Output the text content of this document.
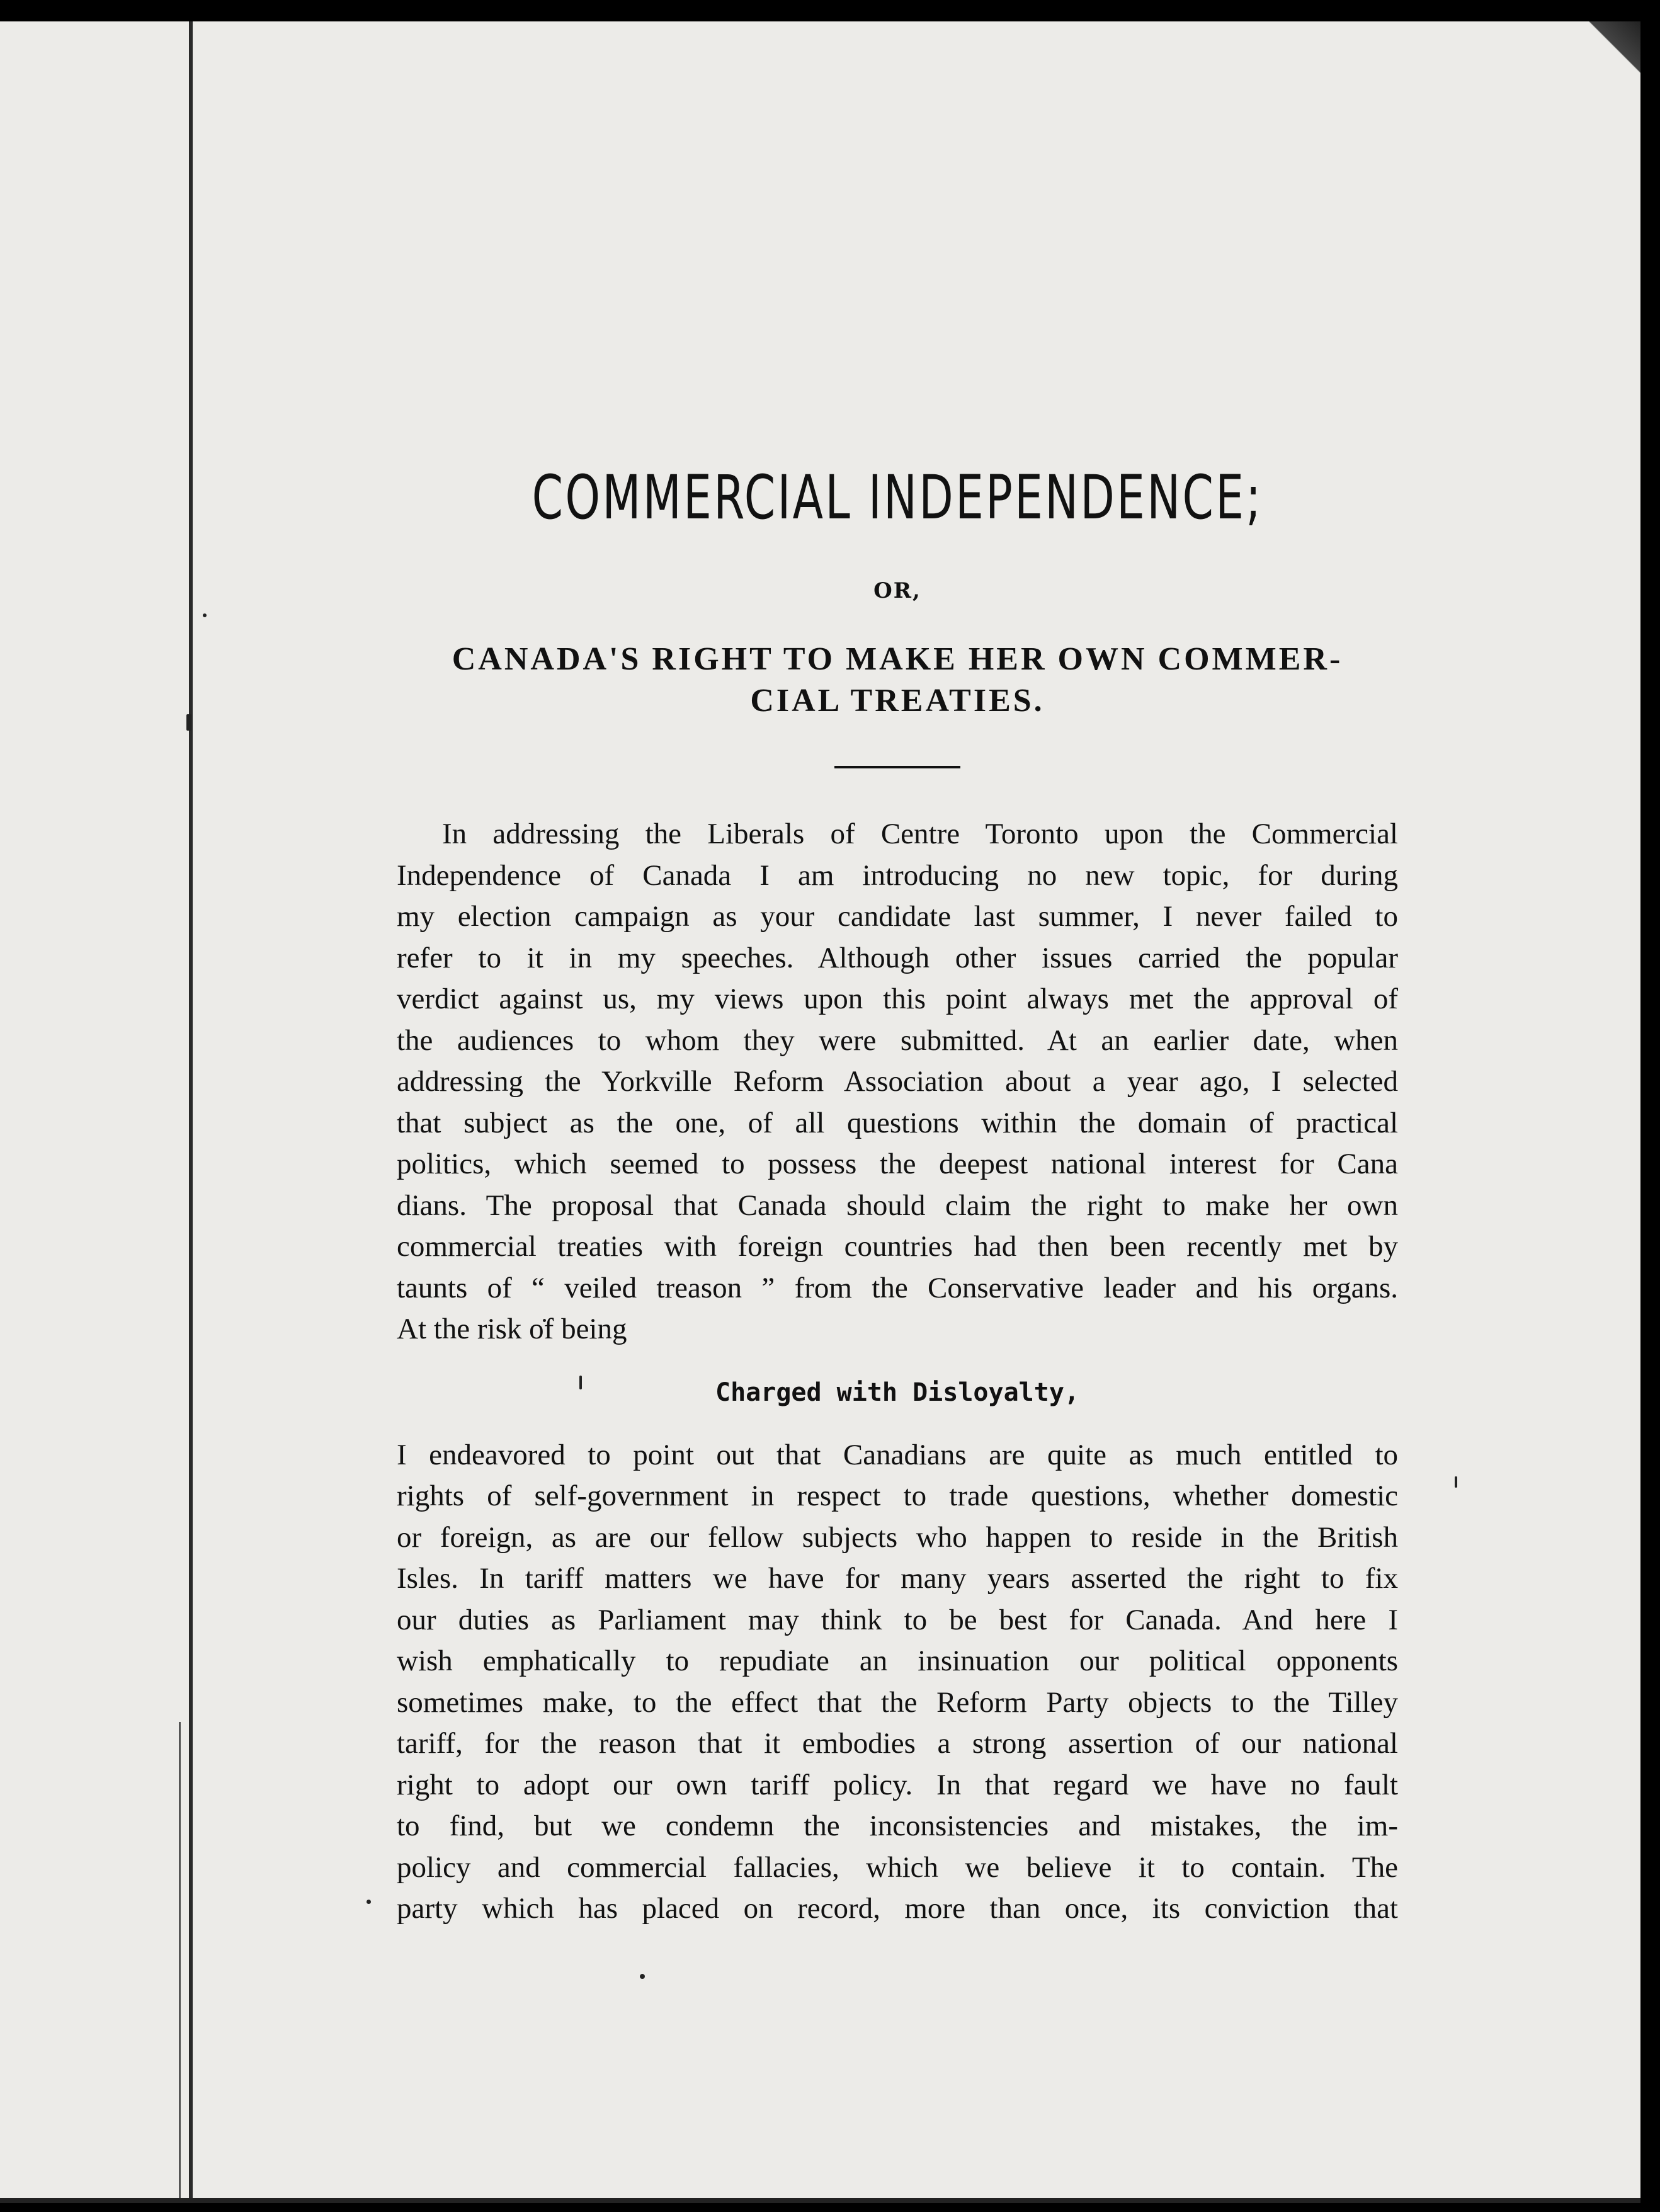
COMMERCIAL INDEPENDENCE;
OR,
CANADA'S RIGHT TO MAKE HER OWN COMMER-
CIAL TREATIES.

In addressing the Liberals of Centre Toronto upon the Commercial
Independence of Canada I am introducing no new topic, for during
my election campaign as your candidate last summer, I never failed to
refer to it in my speeches. Although other issues carried the popular
verdict against us, my views upon this point always met the approval of
the audiences to whom they were submitted. At an earlier date, when
addressing the Yorkville Reform Association about a year ago, I selected
that subject as the one, of all questions within the domain of practical
politics, which seemed to possess the deepest national interest for Cana
dians. The proposal that Canada should claim the right to make her own
commercial treaties with foreign countries had then been recently met by
taunts of “ veiled treason ” from the Conservative leader and his organs.
At the risk of being

Charged with Disloyalty,

I endeavored to point out that Canadians are quite as much entitled to
rights of self-government in respect to trade questions, whether domestic
or foreign, as are our fellow subjects who happen to reside in the British
Isles. In tariff matters we have for many years asserted the right to fix
our duties as Parliament may think to be best for Canada. And here I
wish emphatically to repudiate an insinuation our political opponents
sometimes make, to the effect that the Reform Party objects to the Tilley
tariff, for the reason that it embodies a strong assertion of our national
right to adopt our own tariff policy. In that regard we have no fault
to find, but we condemn the inconsistencies and mistakes, the im-
policy and commercial fallacies, which we believe it to contain. The
party which has placed on record, more than once, its conviction that
